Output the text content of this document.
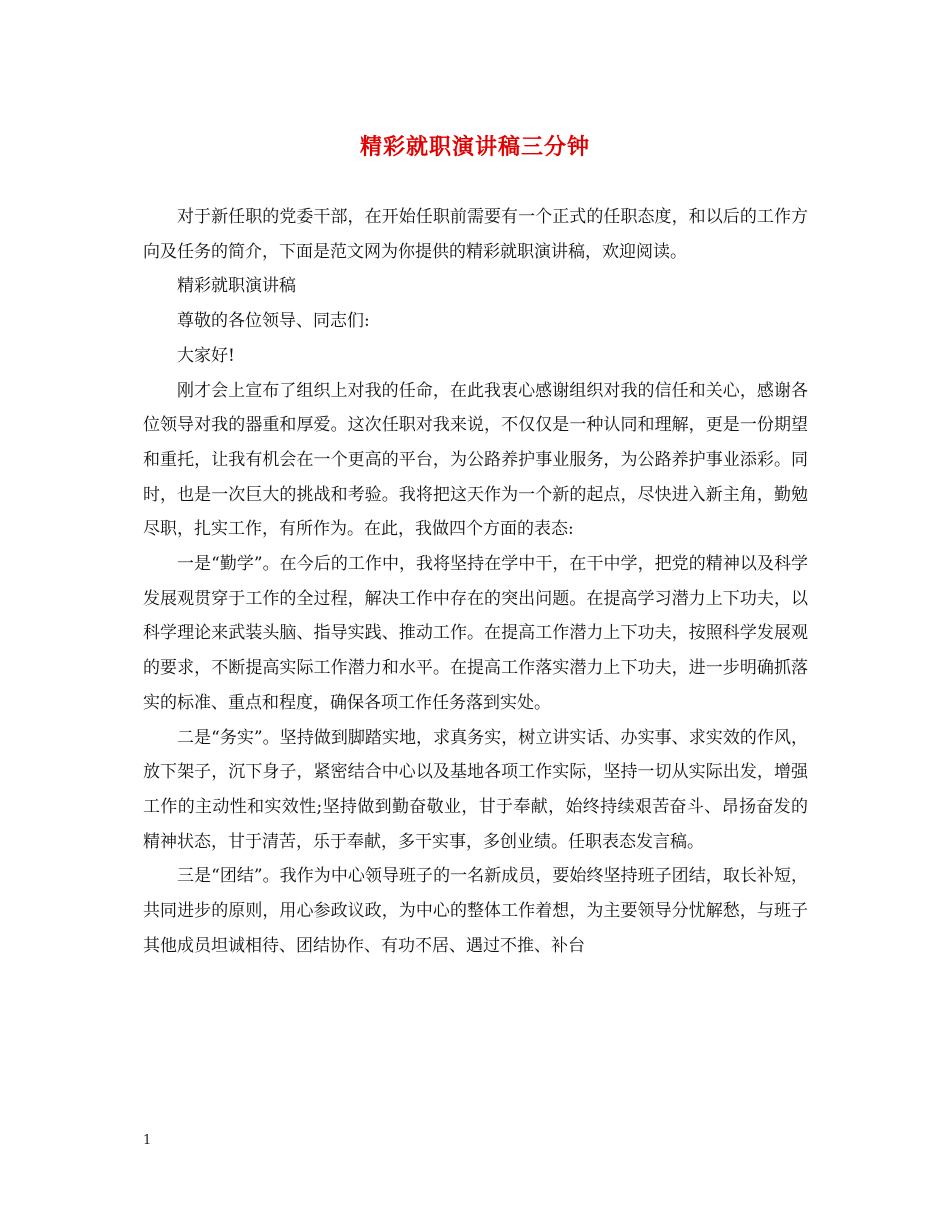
精彩就职演讲稿三分钟

对于新任职的党委干部，在开始任职前需要有一个正式的任职态度，和以后的工作方向及任务的简介，下面是范文网为你提供的精彩就职演讲稿，欢迎阅读。

精彩就职演讲稿

尊敬的各位领导、同志们:

大家好!

刚才会上宣布了组织上对我的任命，在此我衷心感谢组织对我的信任和关心，感谢各位领导对我的器重和厚爱。这次任职对我来说，不仅仅是一种认同和理解，更是一份期望和重托，让我有机会在一个更高的平台，为公路养护事业服务，为公路养护事业添彩。同时，也是一次巨大的挑战和考验。我将把这天作为一个新的起点，尽快进入新主角，勤勉尽职，扎实工作，有所作为。在此，我做四个方面的表态:

一是“勤学”。在今后的工作中，我将坚持在学中干，在干中学，把党的精神以及科学发展观贯穿于工作的全过程，解决工作中存在的突出问题。在提高学习潜力上下功夫，以科学理论来武装头脑、指导实践、推动工作。在提高工作潜力上下功夫，按照科学发展观的要求，不断提高实际工作潜力和水平。在提高工作落实潜力上下功夫，进一步明确抓落实的标准、重点和程度，确保各项工作任务落到实处。

二是“务实”。坚持做到脚踏实地，求真务实，树立讲实话、办实事、求实效的作风，放下架子，沉下身子，紧密结合中心以及基地各项工作实际，坚持一切从实际出发，增强工作的主动性和实效性;坚持做到勤奋敬业，甘于奉献，始终持续艰苦奋斗、昂扬奋发的精神状态，甘于清苦，乐于奉献，多干实事，多创业绩。任职表态发言稿。

三是“团结”。我作为中心领导班子的一名新成员，要始终坚持班子团结，取长补短，共同进步的原则，用心参政议政，为中心的整体工作着想，为主要领导分忧解愁，与班子其他成员坦诚相待、团结协作、有功不居、遇过不推、补台

1
